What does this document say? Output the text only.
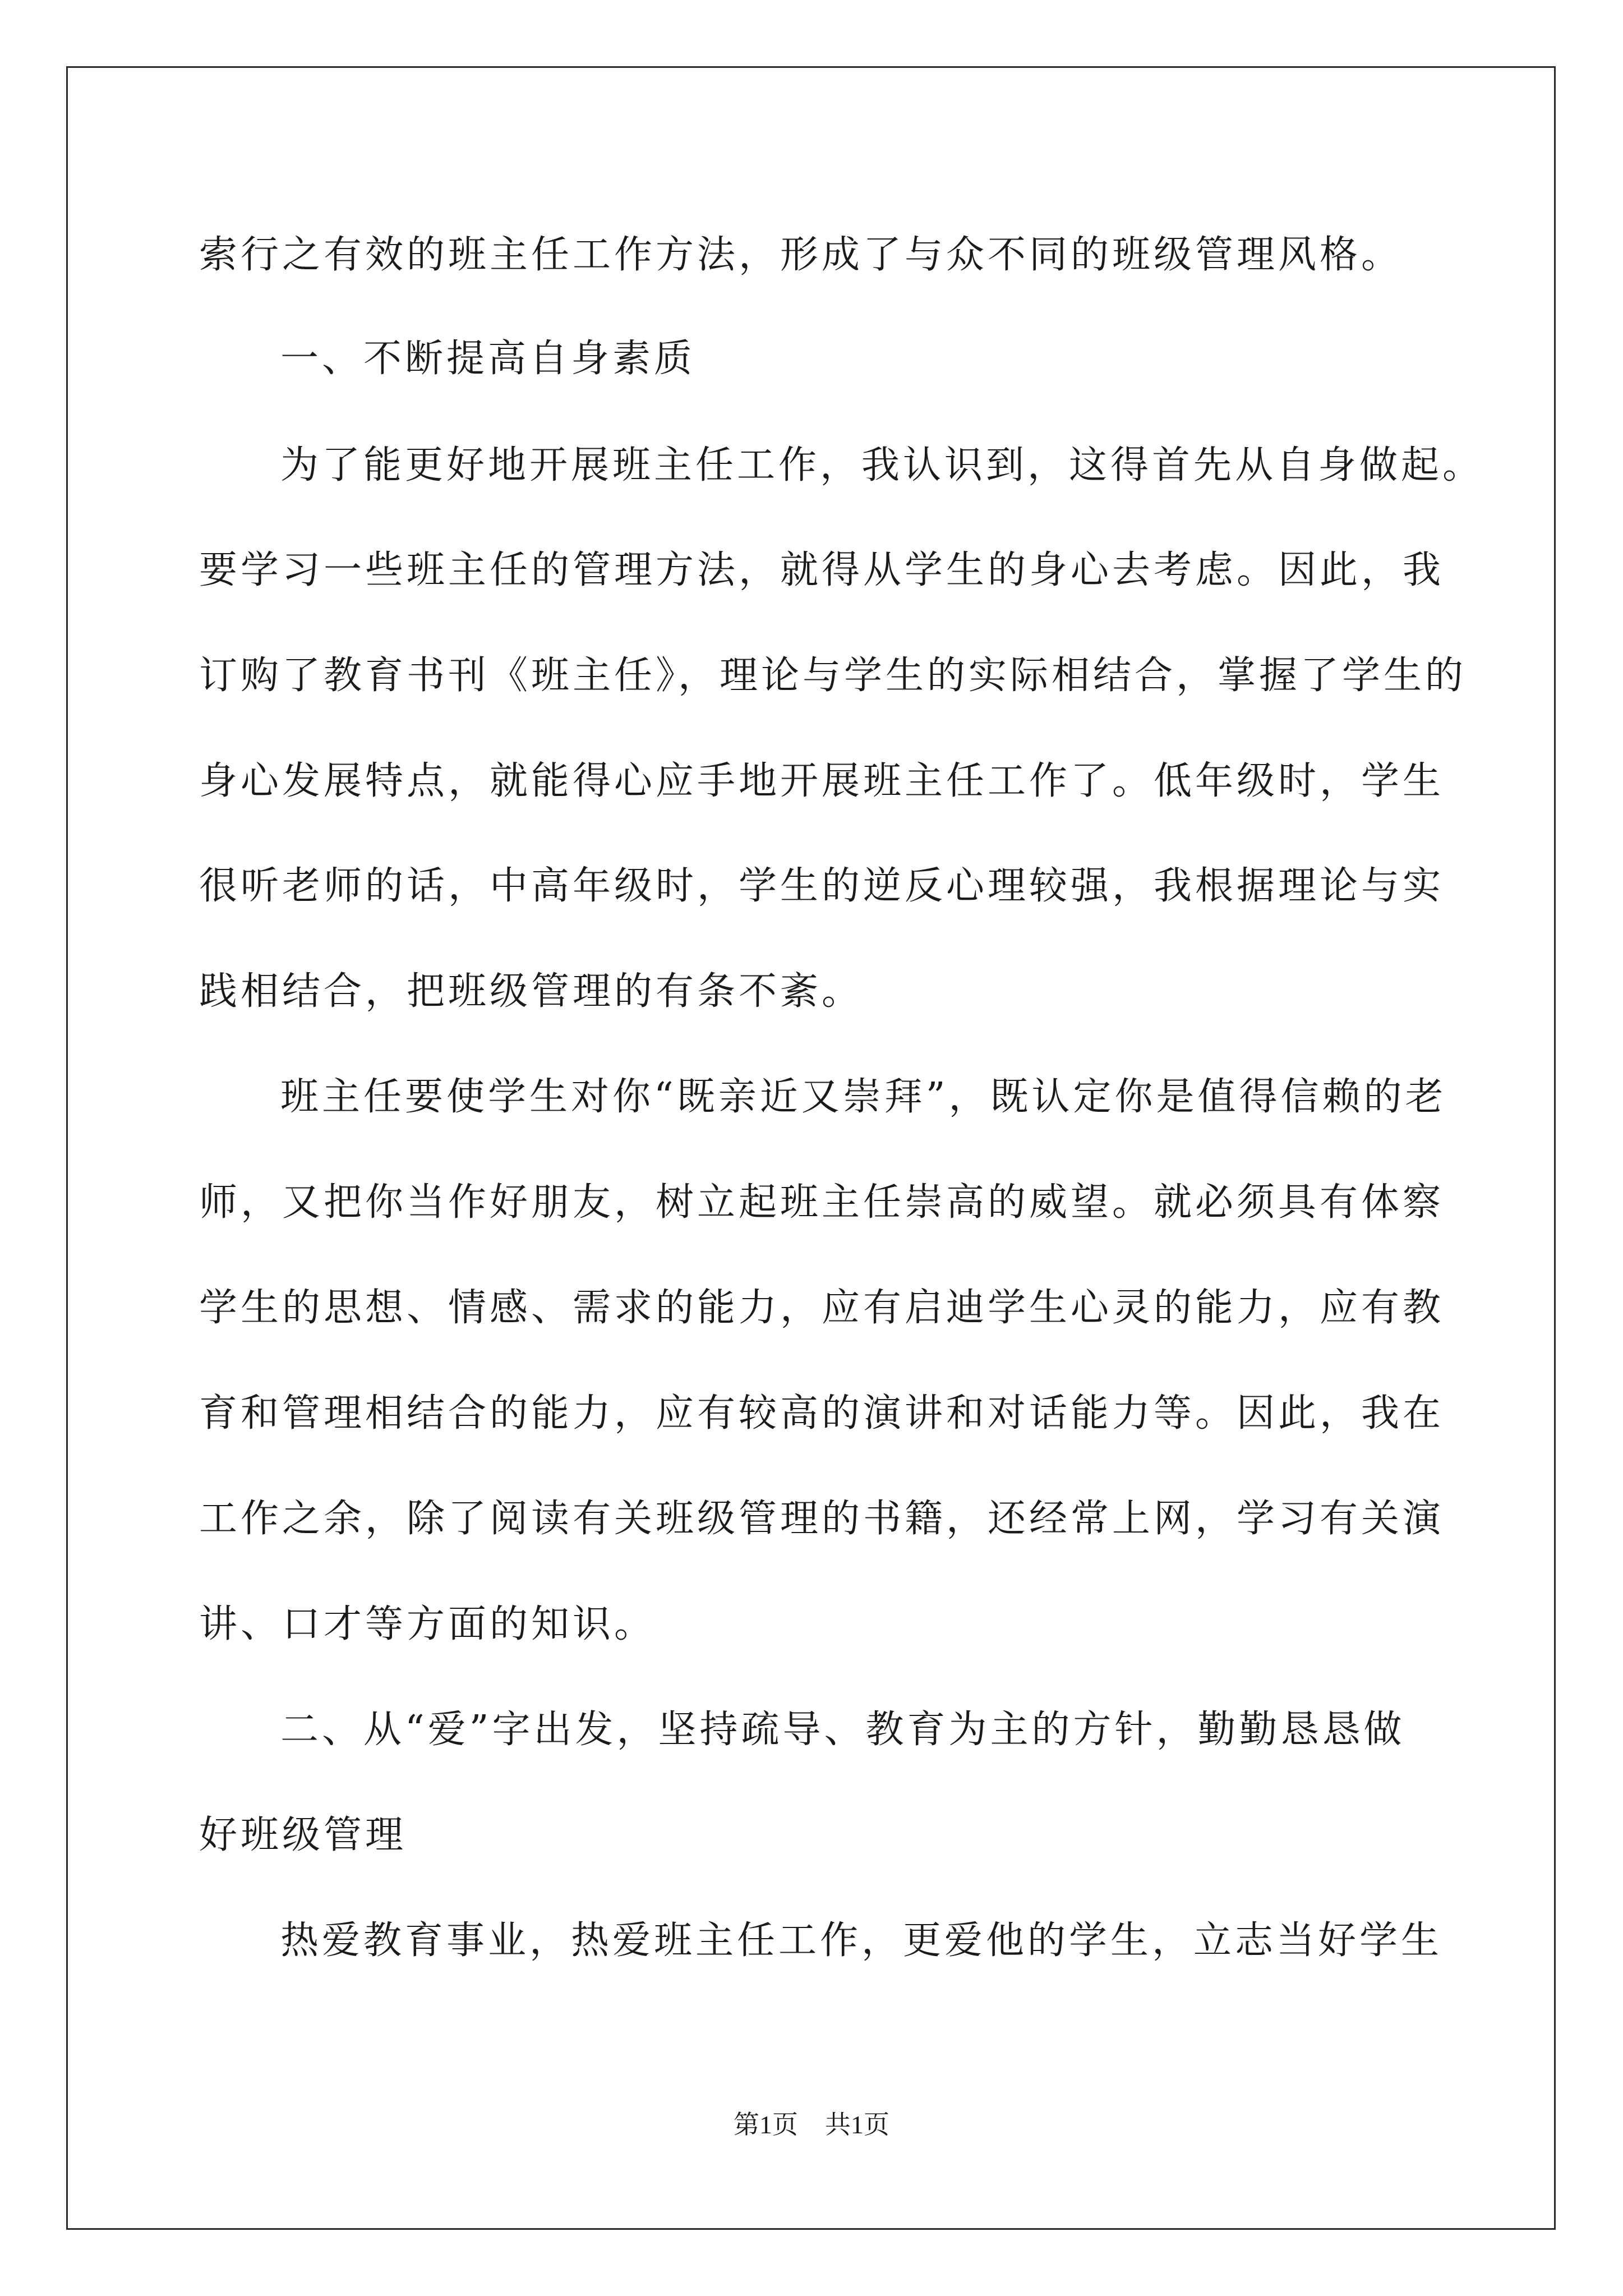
索行之有效的班主任工作方法，形成了与众不同的班级管理风格。
一、不断提高自身素质
为了能更好地开展班主任工作，我认识到，这得首先从自身做起。
要学习一些班主任的管理方法，就得从学生的身心去考虑。因此，我
订购了教育书刊《班主任》，理论与学生的实际相结合，掌握了学生的
身心发展特点，就能得心应手地开展班主任工作了。低年级时，学生
很听老师的话，中高年级时，学生的逆反心理较强，我根据理论与实
践相结合，把班级管理的有条不紊。
班主任要使学生对你“既亲近又崇拜”，既认定你是值得信赖的老
师，又把你当作好朋友，树立起班主任崇高的威望。就必须具有体察
学生的思想、情感、需求的能力，应有启迪学生心灵的能力，应有教
育和管理相结合的能力，应有较高的演讲和对话能力等。因此，我在
工作之余，除了阅读有关班级管理的书籍，还经常上网，学习有关演
讲、口才等方面的知识。
二、从“爱”字出发，坚持疏导、教育为主的方针，勤勤恳恳做
好班级管理
热爱教育事业，热爱班主任工作，更爱他的学生，立志当好学生
第1页 共1页
